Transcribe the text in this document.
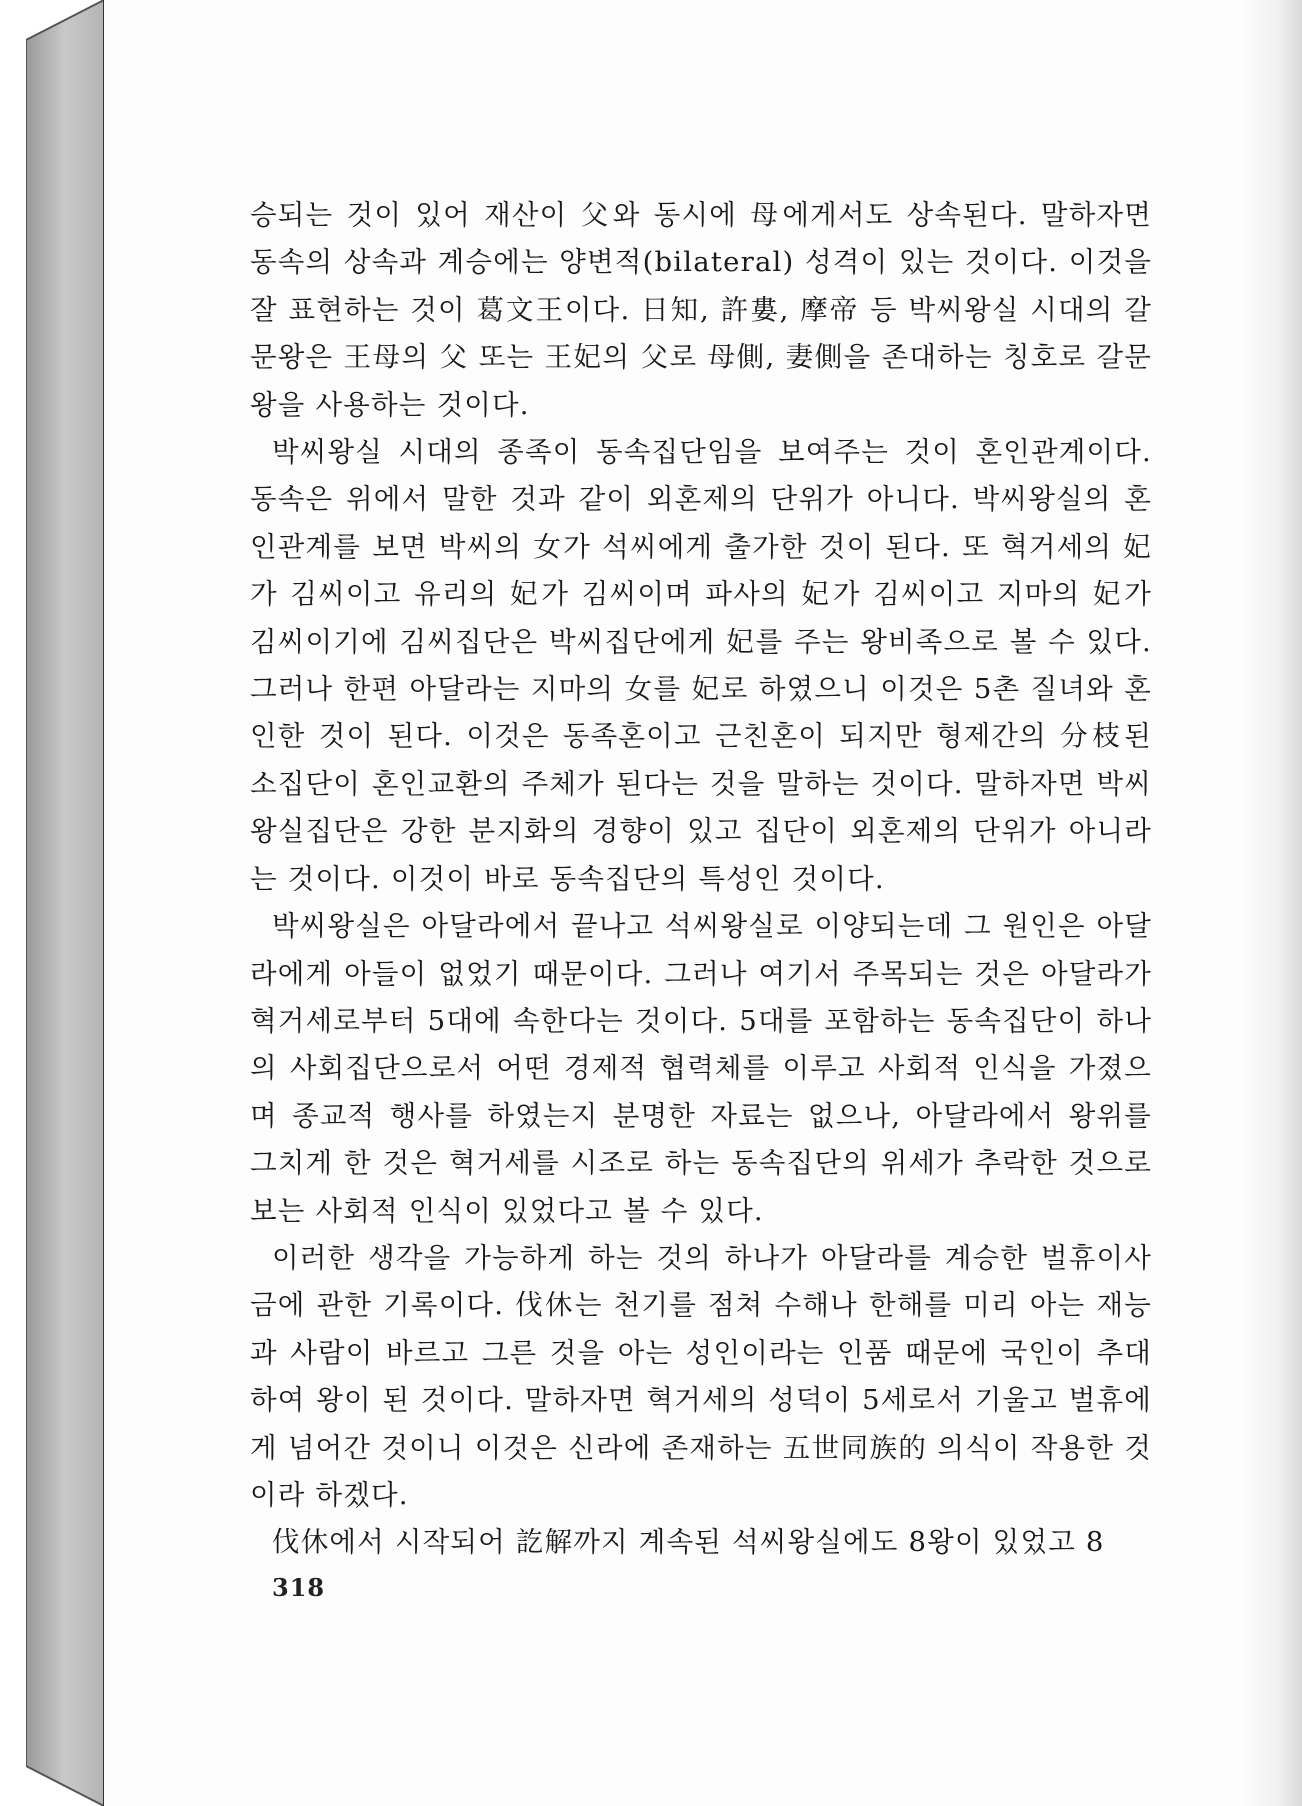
승되는 것이 있어 재산이 父와 동시에 母에게서도 상속된다. 말하자면 동속의 상속과 계승에는 양변적(bilateral) 성격이 있는 것이다. 이것을 잘 표현하는 것이 葛文王이다. 日知, 許婁, 摩帝 등 박씨왕실 시대의 갈문왕은 王母의 父 또는 王妃의 父로 母側, 妻側을 존대하는 칭호로 갈문왕을 사용하는 것이다.

박씨왕실 시대의 종족이 동속집단임을 보여주는 것이 혼인관계이다. 동속은 위에서 말한 것과 같이 외혼제의 단위가 아니다. 박씨왕실의 혼인관계를 보면 박씨의 女가 석씨에게 출가한 것이 된다. 또 혁거세의 妃가 김씨이고 유리의 妃가 김씨이며 파사의 妃가 김씨이고 지마의 妃가 김씨이기에 김씨집단은 박씨집단에게 妃를 주는 왕비족으로 볼 수 있다. 그러나 한편 아달라는 지마의 女를 妃로 하였으니 이것은 5촌 질녀와 혼인한 것이 된다. 이것은 동족혼이고 근친혼이 되지만 형제간의 分枝된 소집단이 혼인교환의 주체가 된다는 것을 말하는 것이다. 말하자면 박씨왕실집단은 강한 분지화의 경향이 있고 집단이 외혼제의 단위가 아니라는 것이다. 이것이 바로 동속집단의 특성인 것이다.

박씨왕실은 아달라에서 끝나고 석씨왕실로 이양되는데 그 원인은 아달라에게 아들이 없었기 때문이다. 그러나 여기서 주목되는 것은 아달라가 혁거세로부터 5대에 속한다는 것이다. 5대를 포함하는 동속집단이 하나의 사회집단으로서 어떤 경제적 협력체를 이루고 사회적 인식을 가졌으며 종교적 행사를 하였는지 분명한 자료는 없으나, 아달라에서 왕위를 그치게 한 것은 혁거세를 시조로 하는 동속집단의 위세가 추락한 것으로 보는 사회적 인식이 있었다고 볼 수 있다.

이러한 생각을 가능하게 하는 것의 하나가 아달라를 계승한 벌휴이사금에 관한 기록이다. 伐休는 천기를 점쳐 수해나 한해를 미리 아는 재능과 사람이 바르고 그른 것을 아는 성인이라는 인품 때문에 국인이 추대하여 왕이 된 것이다. 말하자면 혁거세의 성덕이 5세로서 기울고 벌휴에게 넘어간 것이니 이것은 신라에 존재하는 五世同族的 의식이 작용한 것이라 하겠다.

伐休에서 시작되어 訖解까지 계속된 석씨왕실에도 8왕이 있었고 8

318
